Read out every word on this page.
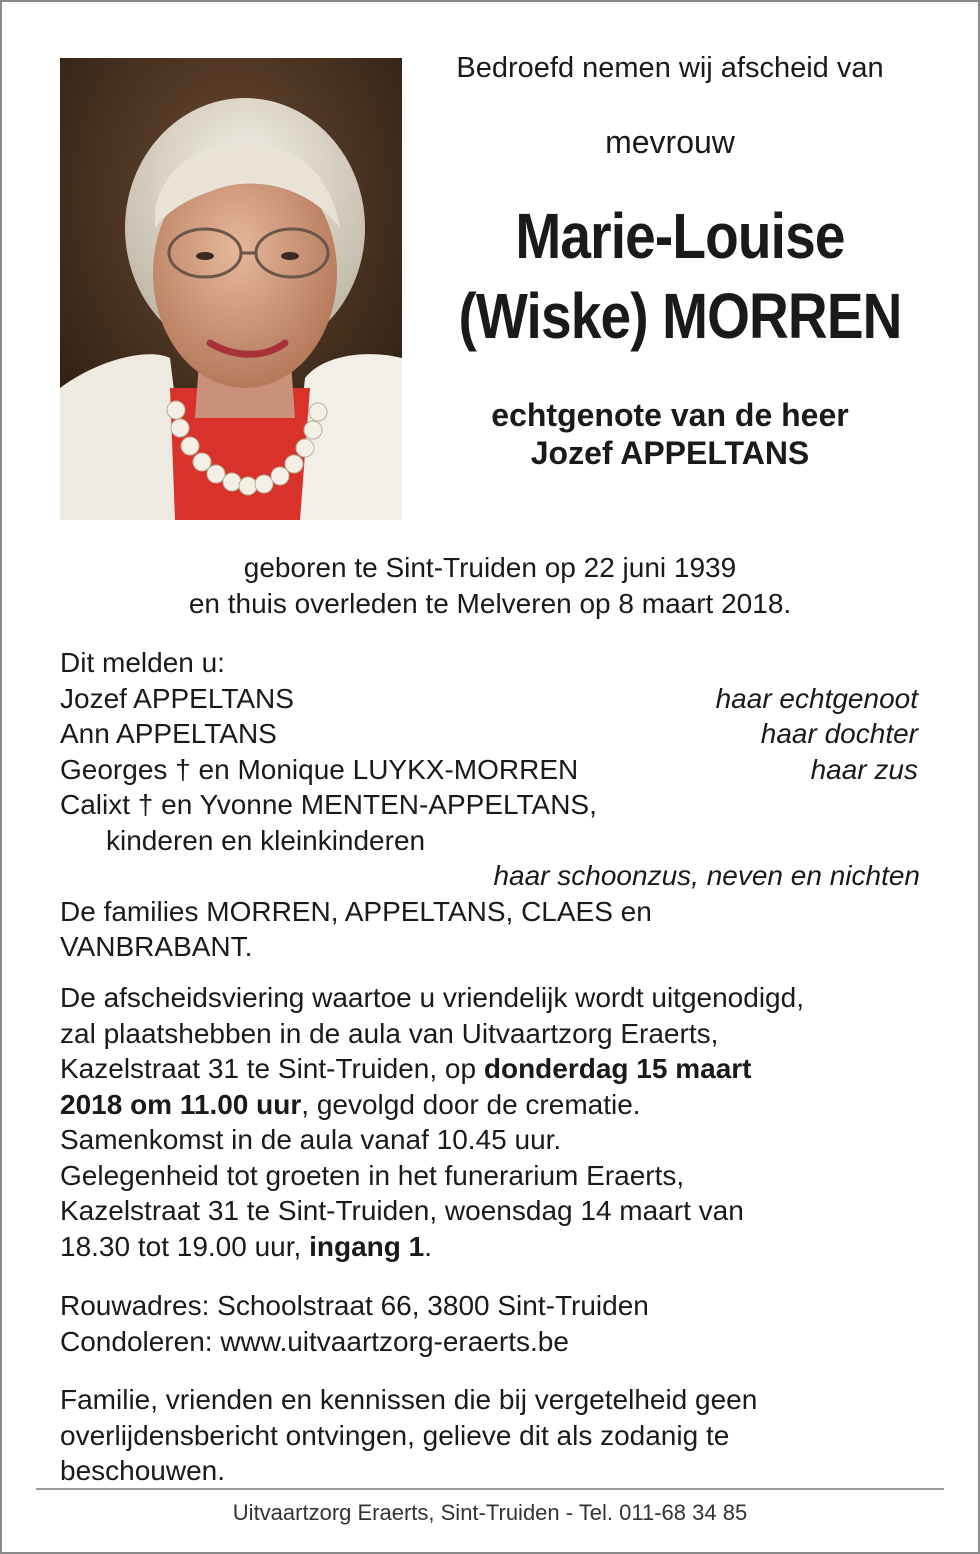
Bedroefd nemen wij afscheid van
mevrouw
Marie-Louise
(Wiske) MORREN
echtgenote van de heer
Jozef APPELTANS
geboren te Sint-Truiden op 22 juni 1939
en thuis overleden te Melveren op 8 maart 2018.
Dit melden u:
Jozef APPELTANS	haar echtgenoot
Ann APPELTANS	haar dochter
Georges † en Monique LUYKX-MORREN	haar zus
Calixt † en Yvonne MENTEN-APPELTANS,
kinderen en kleinkinderen
haar schoonzus, neven en nichten
De families MORREN, APPELTANS, CLAES en
VANBRABANT.
De afscheidsviering waartoe u vriendelijk wordt uitgenodigd,
zal plaatshebben in de aula van Uitvaartzorg Eraerts,
Kazelstraat 31 te Sint-Truiden, op donderdag 15 maart
2018 om 11.00 uur, gevolgd door de crematie.
Samenkomst in de aula vanaf 10.45 uur.
Gelegenheid tot groeten in het funerarium Eraerts,
Kazelstraat 31 te Sint-Truiden, woensdag 14 maart van
18.30 tot 19.00 uur, ingang 1.
Rouwadres: Schoolstraat 66, 3800 Sint-Truiden
Condoleren: www.uitvaartzorg-eraerts.be
Familie, vrienden en kennissen die bij vergetelheid geen
overlijdensbericht ontvingen, gelieve dit als zodanig te
beschouwen.
Uitvaartzorg Eraerts, Sint-Truiden - Tel. 011-68 34 85
